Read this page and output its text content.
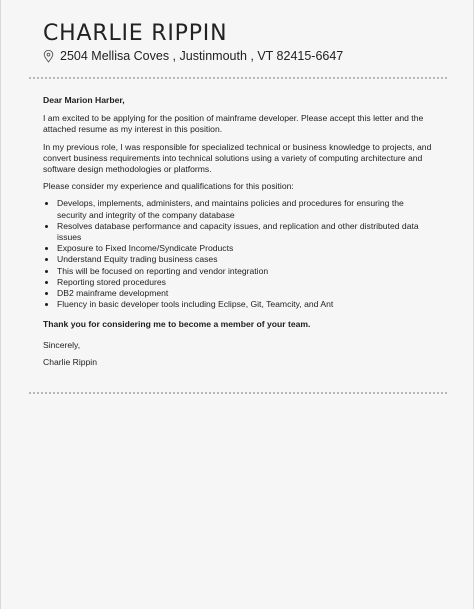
CHARLIE RIPPIN
2504 Mellisa Coves , Justinmouth , VT 82415-6647

Dear Marion Harber,

I am excited to be applying for the position of mainframe developer. Please accept this letter and the attached resume as my interest in this position.

In my previous role, I was responsible for specialized technical or business knowledge to projects, and convert business requirements into technical solutions using a variety of computing architecture and software design methodologies or platforms.

Please consider my experience and qualifications for this position:

• Develops, implements, administers, and maintains policies and procedures for ensuring the security and integrity of the company database
• Resolves database performance and capacity issues, and replication and other distributed data issues
• Exposure to Fixed Income/Syndicate Products
• Understand Equity trading business cases
• This will be focused on reporting and vendor integration
• Reporting stored procedures
• DB2 mainframe development
• Fluency in basic developer tools including Eclipse, Git, Teamcity, and Ant

Thank you for considering me to become a member of your team.

Sincerely,

Charlie Rippin
